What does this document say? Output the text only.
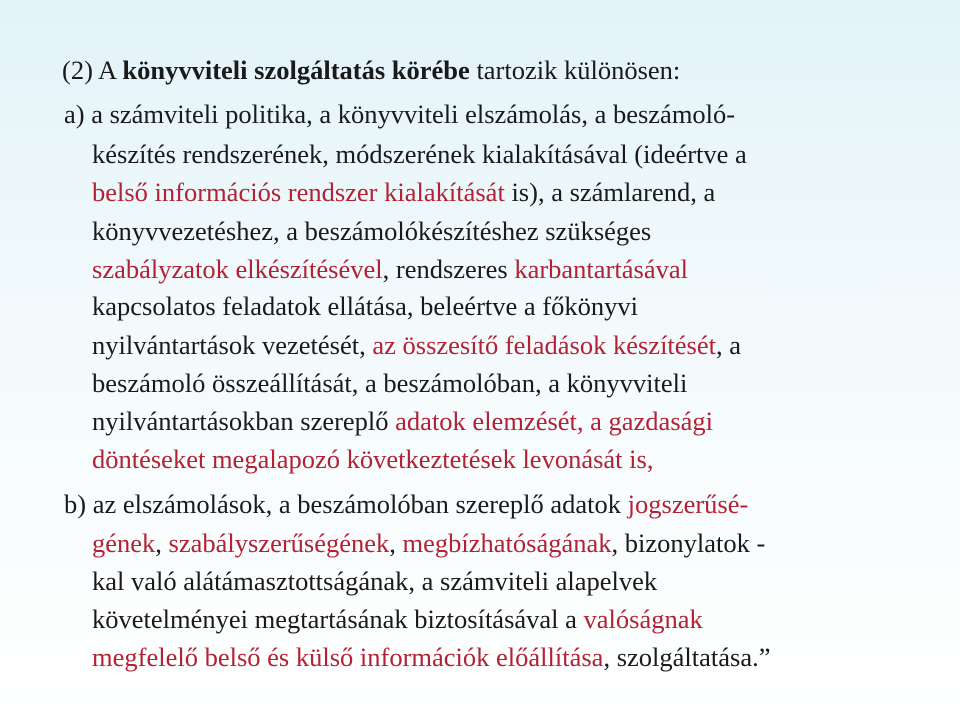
(2) A könyvviteli szolgáltatás körébe tartozik különösen:
a) a számviteli politika, a könyvviteli elszámolás, a beszámoló-
készítés rendszerének, módszerének kialakításával (ideértve a
belső információs rendszer kialakítását is), a számlarend, a
könyvvezetéshez, a beszámolókészítéshez szükséges
szabályzatok elkészítésével, rendszeres karbantartásával
kapcsolatos feladatok ellátása, beleértve a főkönyvi
nyilvántartások vezetését, az összesítő feladások készítését, a
beszámoló összeállítását, a beszámolóban, a könyvviteli
nyilvántartásokban szereplő adatok elemzését, a gazdasági
döntéseket megalapozó következtetések levonását is,
b) az elszámolások, a beszámolóban szereplő adatok jogszerűsé-
gének, szabályszerűségének, megbízhatóságának, bizonylatok -
kal való alátámasztottságának, a számviteli alapelvek
követelményei megtartásának biztosításával a valóságnak
megfelelő belső és külső információk előállítása, szolgáltatása.”
